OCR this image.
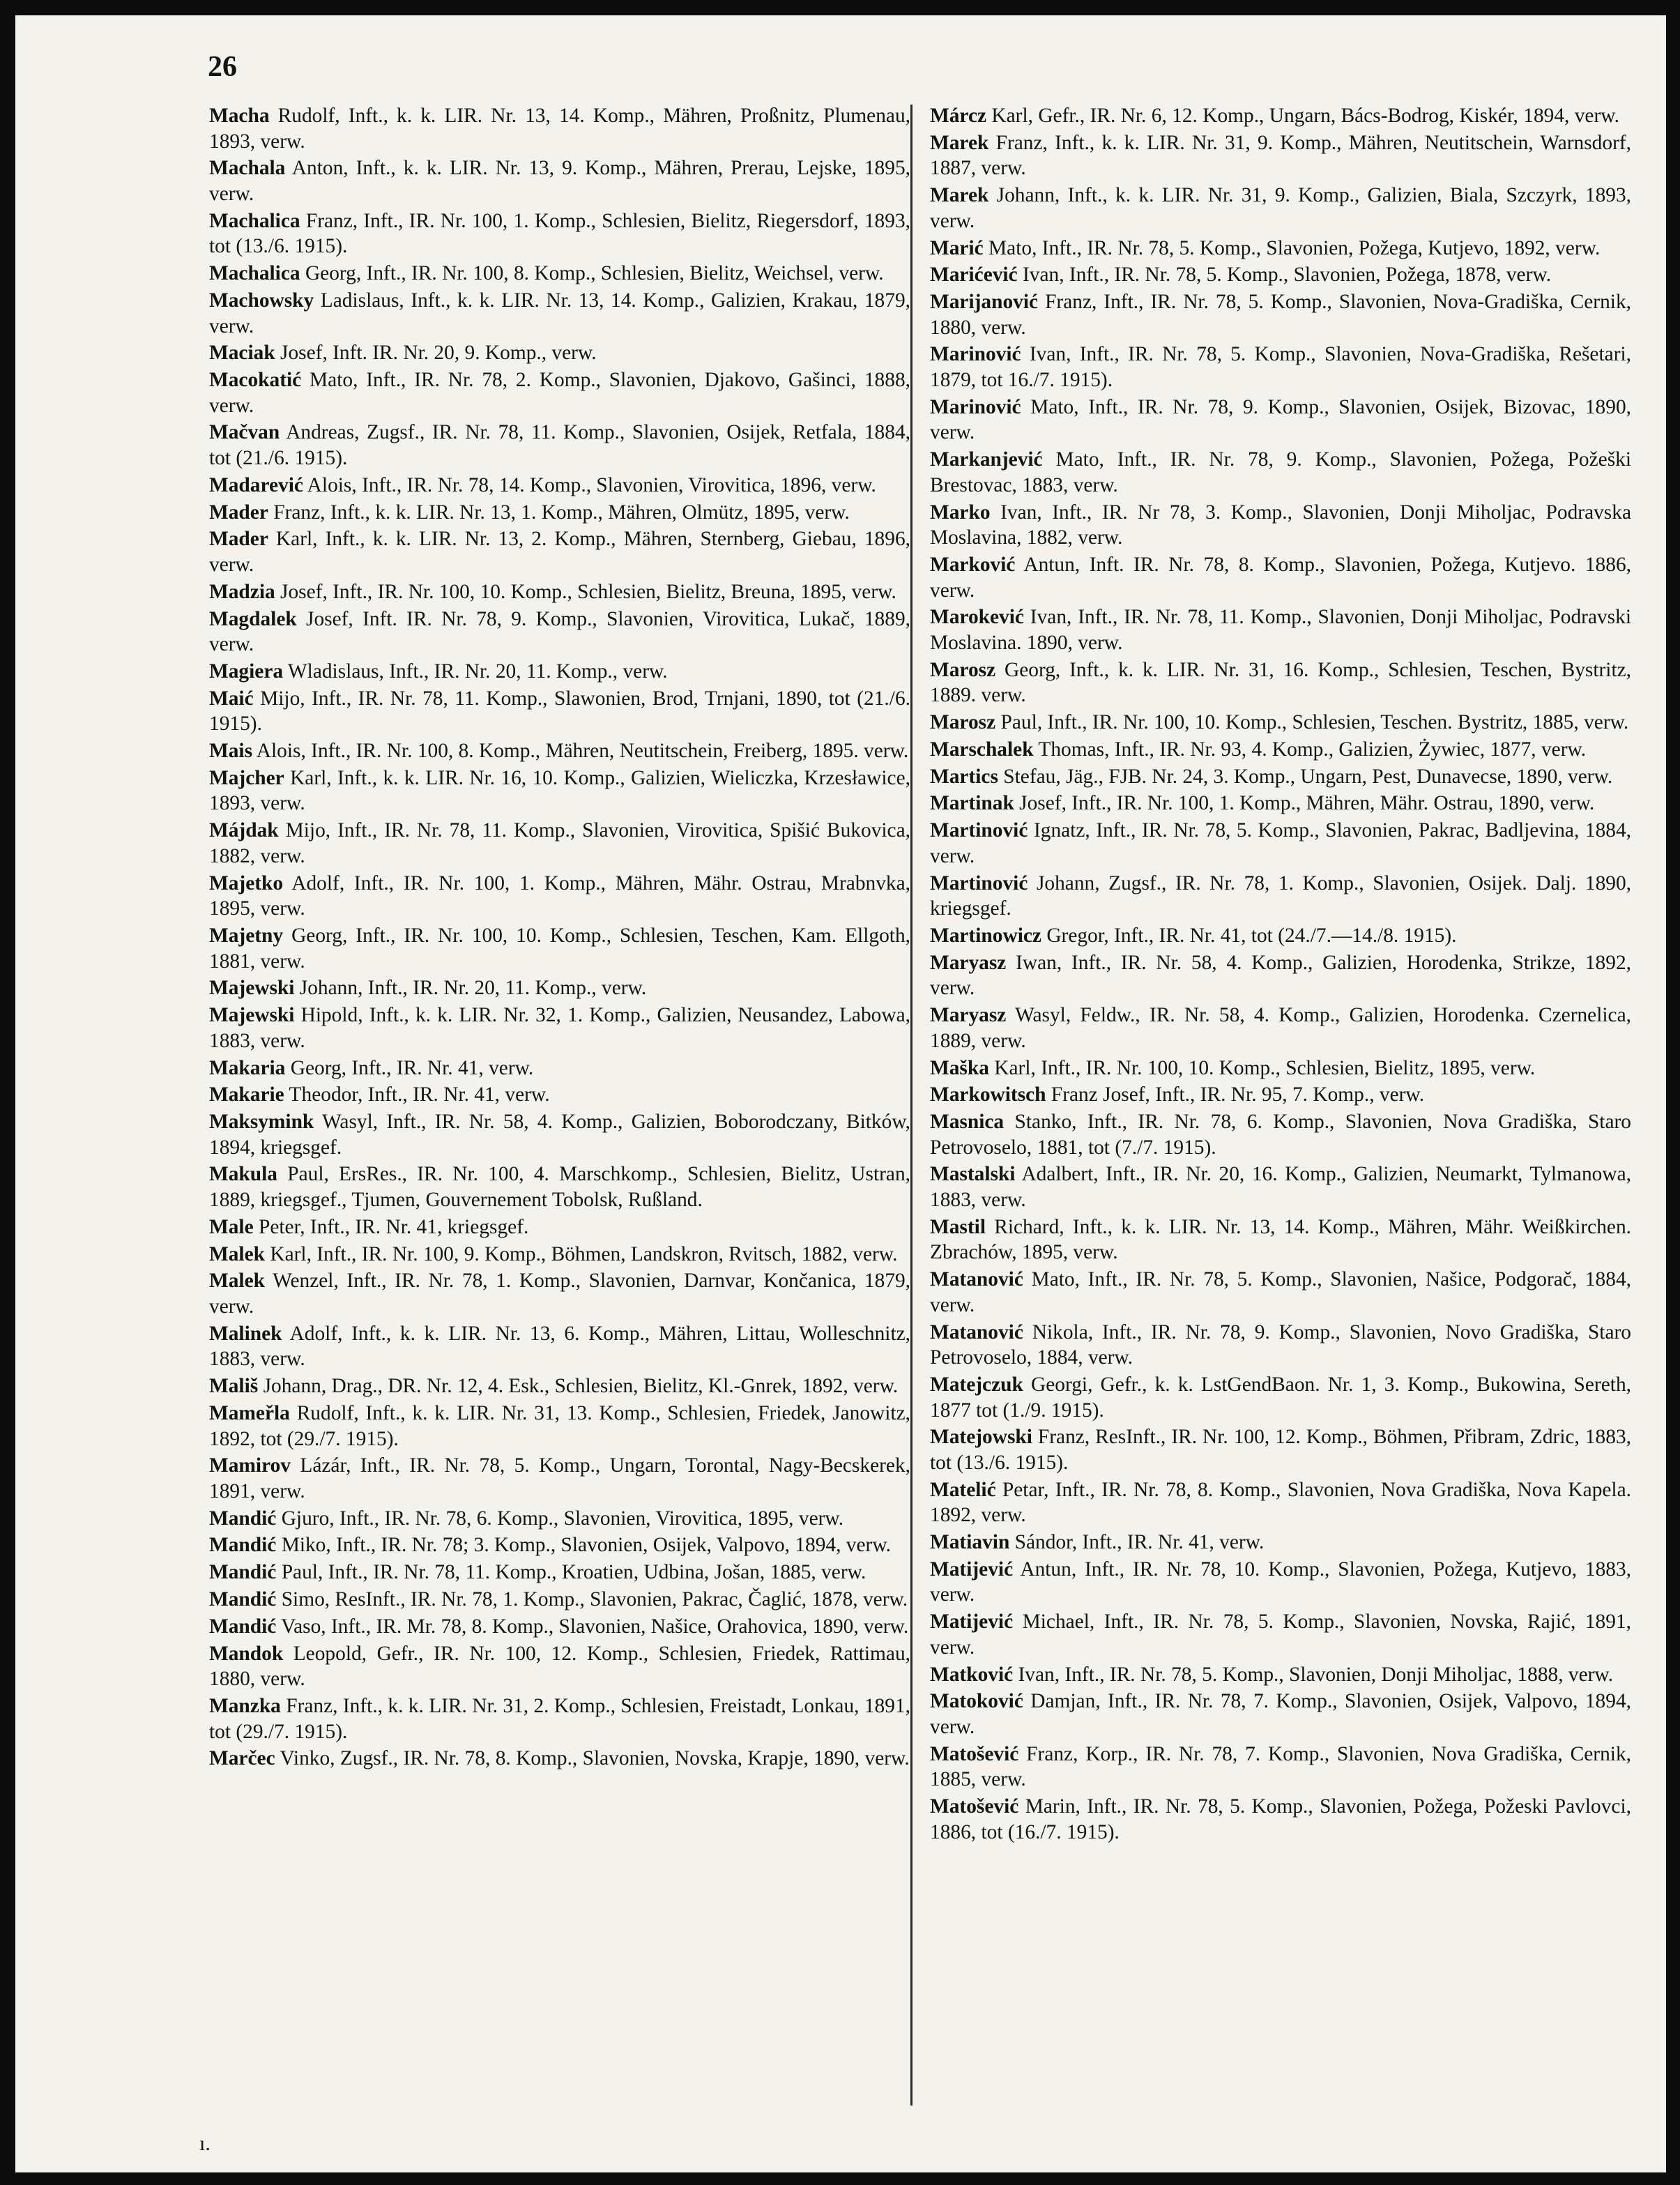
26

Macha Rudolf, Inft., k. k. LIR. Nr. 13, 14. Komp., Mähren, Proßnitz, Plumenau, 1893, verw.

Machala Anton, Inft., k. k. LIR. Nr. 13, 9. Komp., Mähren, Prerau, Lejske, 1895, verw.

Machalica Franz, Inft., IR. Nr. 100, 1. Komp., Schlesien, Bielitz, Riegersdorf, 1893, tot (13./6. 1915).

Machalica Georg, Inft., IR. Nr. 100, 8. Komp., Schlesien, Bielitz, Weichsel, verw.

Machowsky Ladislaus, Inft., k. k. LIR. Nr. 13, 14. Komp., Galizien, Krakau, 1879, verw.

Maciak Josef, Inft. IR. Nr. 20, 9. Komp., verw.

Macokatić Mato, Inft., IR. Nr. 78, 2. Komp., Slavonien, Djakovo, Gašinci, 1888, verw.

Mačvan Andreas, Zugsf., IR. Nr. 78, 11. Komp., Slavonien, Osijek, Retfala, 1884, tot (21./6. 1915).

Madarević Alois, Inft., IR. Nr. 78, 14. Komp., Slavonien, Virovitica, 1896, verw.

Mader Franz, Inft., k. k. LIR. Nr. 13, 1. Komp., Mähren, Olmütz, 1895, verw.

Mader Karl, Inft., k. k. LIR. Nr. 13, 2. Komp., Mähren, Sternberg, Giebau, 1896, verw.

Madzia Josef, Inft., IR. Nr. 100, 10. Komp., Schlesien, Bielitz, Breuna, 1895, verw.

Magdalek Josef, Inft. IR. Nr. 78, 9. Komp., Slavonien, Virovitica, Lukač, 1889, verw.

Magiera Wladislaus, Inft., IR. Nr. 20, 11. Komp., verw.

Maić Mijo, Inft., IR. Nr. 78, 11. Komp., Slawonien, Brod, Trnjani, 1890, tot (21./6. 1915).

Mais Alois, Inft., IR. Nr. 100, 8. Komp., Mähren, Neutitschein, Freiberg, 1895. verw.

Majcher Karl, Inft., k. k. LIR. Nr. 16, 10. Komp., Galizien, Wieliczka, Krzesławice, 1893, verw.

Májdak Mijo, Inft., IR. Nr. 78, 11. Komp., Slavonien, Virovitica, Spišić Bukovica, 1882, verw.

Majetko Adolf, Inft., IR. Nr. 100, 1. Komp., Mähren, Mähr. Ostrau, Mrabnvka, 1895, verw.

Majetny Georg, Inft., IR. Nr. 100, 10. Komp., Schlesien, Teschen, Kam. Ellgoth, 1881, verw.

Majewski Johann, Inft., IR. Nr. 20, 11. Komp., verw.

Majewski Hipold, Inft., k. k. LIR. Nr. 32, 1. Komp., Galizien, Neusandez, Labowa, 1883, verw.

Makaria Georg, Inft., IR. Nr. 41, verw.

Makarie Theodor, Inft., IR. Nr. 41, verw.

Maksymink Wasyl, Inft., IR. Nr. 58, 4. Komp., Galizien, Boborodczany, Bitków, 1894, kriegsgef.

Makula Paul, ErsRes., IR. Nr. 100, 4. Marschkomp., Schlesien, Bielitz, Ustran, 1889, kriegsgef., Tjumen, Gouvernement Tobolsk, Rußland.

Male Peter, Inft., IR. Nr. 41, kriegsgef.

Malek Karl, Inft., IR. Nr. 100, 9. Komp., Böhmen, Landskron, Rvitsch, 1882, verw.

Malek Wenzel, Inft., IR. Nr. 78, 1. Komp., Slavonien, Darnvar, Končanica, 1879, verw.

Malinek Adolf, Inft., k. k. LIR. Nr. 13, 6. Komp., Mähren, Littau, Wolleschnitz, 1883, verw.

Mališ Johann, Drag., DR. Nr. 12, 4. Esk., Schlesien, Bielitz, Kl.-Gnrek, 1892, verw.

Mameřla Rudolf, Inft., k. k. LIR. Nr. 31, 13. Komp., Schlesien, Friedek, Janowitz, 1892, tot (29./7. 1915).

Mamirov Lázár, Inft., IR. Nr. 78, 5. Komp., Ungarn, Torontal, Nagy-Becskerek, 1891, verw.

Mandić Gjuro, Inft., IR. Nr. 78, 6. Komp., Slavonien, Virovitica, 1895, verw.

Mandić Miko, Inft., IR. Nr. 78; 3. Komp., Slavonien, Osijek, Valpovo, 1894, verw.

Mandić Paul, Inft., IR. Nr. 78, 11. Komp., Kroatien, Udbina, Jošan, 1885, verw.

Mandić Simo, ResInft., IR. Nr. 78, 1. Komp., Slavonien, Pakrac, Čaglić, 1878, verw.

Mandić Vaso, Inft., IR. Mr. 78, 8. Komp., Slavonien, Našice, Orahovica, 1890, verw.

Mandok Leopold, Gefr., IR. Nr. 100, 12. Komp., Schlesien, Friedek, Rattimau, 1880, verw.

Manzka Franz, Inft., k. k. LIR. Nr. 31, 2. Komp., Schlesien, Freistadt, Lonkau, 1891, tot (29./7. 1915).

Marčec Vinko, Zugsf., IR. Nr. 78, 8. Komp., Slavonien, Novska, Krapje, 1890, verw.

Márcz Karl, Gefr., IR. Nr. 6, 12. Komp., Ungarn, Bács-Bodrog, Kiskér, 1894, verw.

Marek Franz, Inft., k. k. LIR. Nr. 31, 9. Komp., Mähren, Neutitschein, Warnsdorf, 1887, verw.

Marek Johann, Inft., k. k. LIR. Nr. 31, 9. Komp., Galizien, Biala, Szczyrk, 1893, verw.

Marić Mato, Inft., IR. Nr. 78, 5. Komp., Slavonien, Požega, Kutjevo, 1892, verw.

Marićević Ivan, Inft., IR. Nr. 78, 5. Komp., Slavonien, Požega, 1878, verw.

Marijanović Franz, Inft., IR. Nr. 78, 5. Komp., Slavonien, Nova-Gradiška, Cernik, 1880, verw.

Marinović Ivan, Inft., IR. Nr. 78, 5. Komp., Slavonien, Nova-Gradiška, Rešetari, 1879, tot 16./7. 1915).

Marinović Mato, Inft., IR. Nr. 78, 9. Komp., Slavonien, Osijek, Bizovac, 1890, verw.

Markanjević Mato, Inft., IR. Nr. 78, 9. Komp., Slavonien, Požega, Požeški Brestovac, 1883, verw.

Marko Ivan, Inft., IR. Nr 78, 3. Komp., Slavonien, Donji Miholjac, Podravska Moslavina, 1882, verw.

Marković Antun, Inft. IR. Nr. 78, 8. Komp., Slavonien, Požega, Kutjevo. 1886, verw.

Marokević Ivan, Inft., IR. Nr. 78, 11. Komp., Slavonien, Donji Miholjac, Podravski Moslavina. 1890, verw.

Marosz Georg, Inft., k. k. LIR. Nr. 31, 16. Komp., Schlesien, Teschen, Bystritz, 1889. verw.

Marosz Paul, Inft., IR. Nr. 100, 10. Komp., Schlesien, Teschen. Bystritz, 1885, verw.

Marschalek Thomas, Inft., IR. Nr. 93, 4. Komp., Galizien, Żywiec, 1877, verw.

Martics Stefau, Jäg., FJB. Nr. 24, 3. Komp., Ungarn, Pest, Dunavecse, 1890, verw.

Martinak Josef, Inft., IR. Nr. 100, 1. Komp., Mähren, Mähr. Ostrau, 1890, verw.

Martinović Ignatz, Inft., IR. Nr. 78, 5. Komp., Slavonien, Pakrac, Badljevina, 1884, verw.

Martinović Johann, Zugsf., IR. Nr. 78, 1. Komp., Slavonien, Osijek. Dalj. 1890, kriegsgef.

Martinowicz Gregor, Inft., IR. Nr. 41, tot (24./7.—14./8. 1915).

Maryasz Iwan, Inft., IR. Nr. 58, 4. Komp., Galizien, Horodenka, Strikze, 1892, verw.

Maryasz Wasyl, Feldw., IR. Nr. 58, 4. Komp., Galizien, Horodenka. Czernelica, 1889, verw.

Maška Karl, Inft., IR. Nr. 100, 10. Komp., Schlesien, Bielitz, 1895, verw.

Markowitsch Franz Josef, Inft., IR. Nr. 95, 7. Komp., verw.

Masnica Stanko, Inft., IR. Nr. 78, 6. Komp., Slavonien, Nova Gradiška, Staro Petrovoselo, 1881, tot (7./7. 1915).

Mastalski Adalbert, Inft., IR. Nr. 20, 16. Komp., Galizien, Neumarkt, Tylmanowa, 1883, verw.

Mastil Richard, Inft., k. k. LIR. Nr. 13, 14. Komp., Mähren, Mähr. Weißkirchen. Zbrachów, 1895, verw.

Matanović Mato, Inft., IR. Nr. 78, 5. Komp., Slavonien, Našice, Podgorač, 1884, verw.

Matanović Nikola, Inft., IR. Nr. 78, 9. Komp., Slavonien, Novo Gradiška, Staro Petrovoselo, 1884, verw.

Matejczuk Georgi, Gefr., k. k. LstGendBaon. Nr. 1, 3. Komp., Bukowina, Sereth, 1877 tot (1./9. 1915).

Matejowski Franz, ResInft., IR. Nr. 100, 12. Komp., Böhmen, Přibram, Zdric, 1883, tot (13./6. 1915).

Matelić Petar, Inft., IR. Nr. 78, 8. Komp., Slavonien, Nova Gradiška, Nova Kapela. 1892, verw.

Matiavin Sándor, Inft., IR. Nr. 41, verw.

Matijević Antun, Inft., IR. Nr. 78, 10. Komp., Slavonien, Požega, Kutjevo, 1883, verw.

Matijević Michael, Inft., IR. Nr. 78, 5. Komp., Slavonien, Novska, Rajić, 1891, verw.

Matković Ivan, Inft., IR. Nr. 78, 5. Komp., Slavonien, Donji Miholjac, 1888, verw.

Matoković Damjan, Inft., IR. Nr. 78, 7. Komp., Slavonien, Osijek, Valpovo, 1894, verw.

Matošević Franz, Korp., IR. Nr. 78, 7. Komp., Slavonien, Nova Gradiška, Cernik, 1885, verw.

Matošević Marin, Inft., IR. Nr. 78, 5. Komp., Slavonien, Požega, Požeski Pavlovci, 1886, tot (16./7. 1915).

ı.
